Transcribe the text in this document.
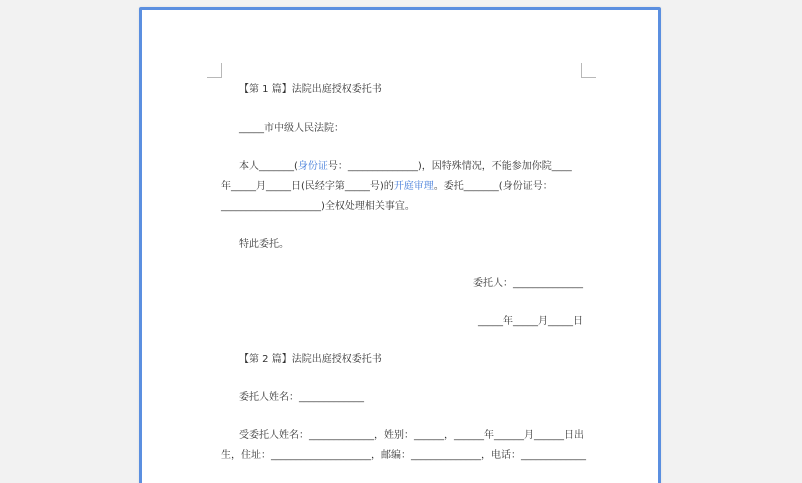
【第 1 篇】法院出庭授权委托书

_____市中级人民法院：

本人_______(身份证号：______________)，因特殊情况，不能参加你院____

年_____月_____日(民经字第_____号)的开庭审理。委托_______(身份证号：

____________________)全权处理相关事宜。

特此委托。

委托人：______________

_____年_____月_____日

【第 2 篇】法院出庭授权委托书

委托人姓名：_____________

受委托人姓名：_____________，姓别：______，______年______月______日出

生，住址：____________________，邮编：______________，电话：_____________
